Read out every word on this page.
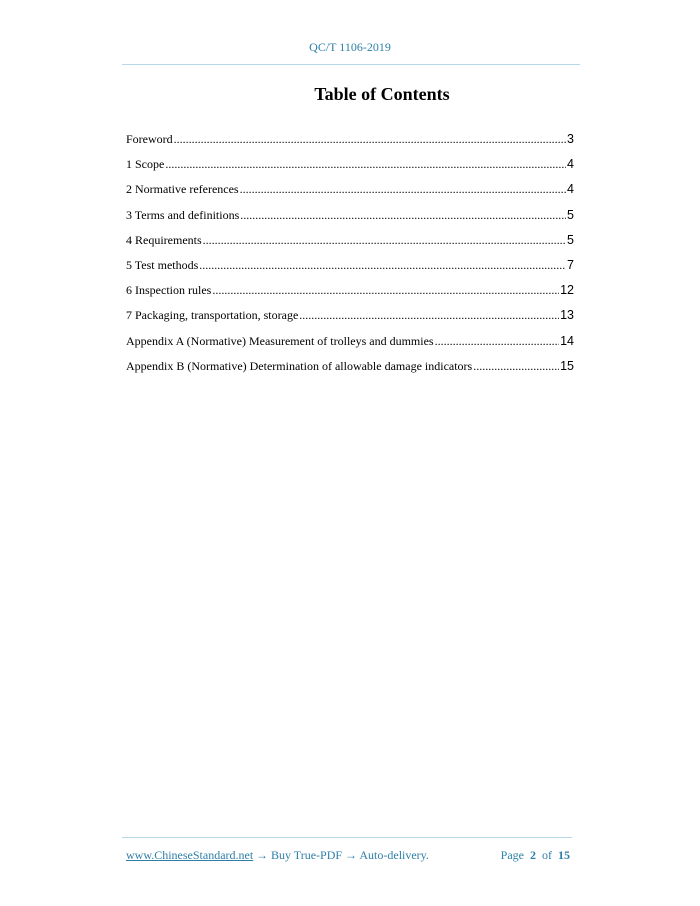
QC/T 1106-2019
Table of Contents
Foreword .....	3
1 Scope .....	4
2 Normative references .....	4
3 Terms and definitions .....	5
4 Requirements .....	5
5 Test methods .....	7
6 Inspection rules .....	12
7 Packaging, transportation, storage .....	13
Appendix A (Normative) Measurement of trolleys and dummies .....	14
Appendix B (Normative) Determination of allowable damage indicators .....	15
www.ChineseStandard.net → Buy True-PDF → Auto-delivery.	Page 2 of 15
